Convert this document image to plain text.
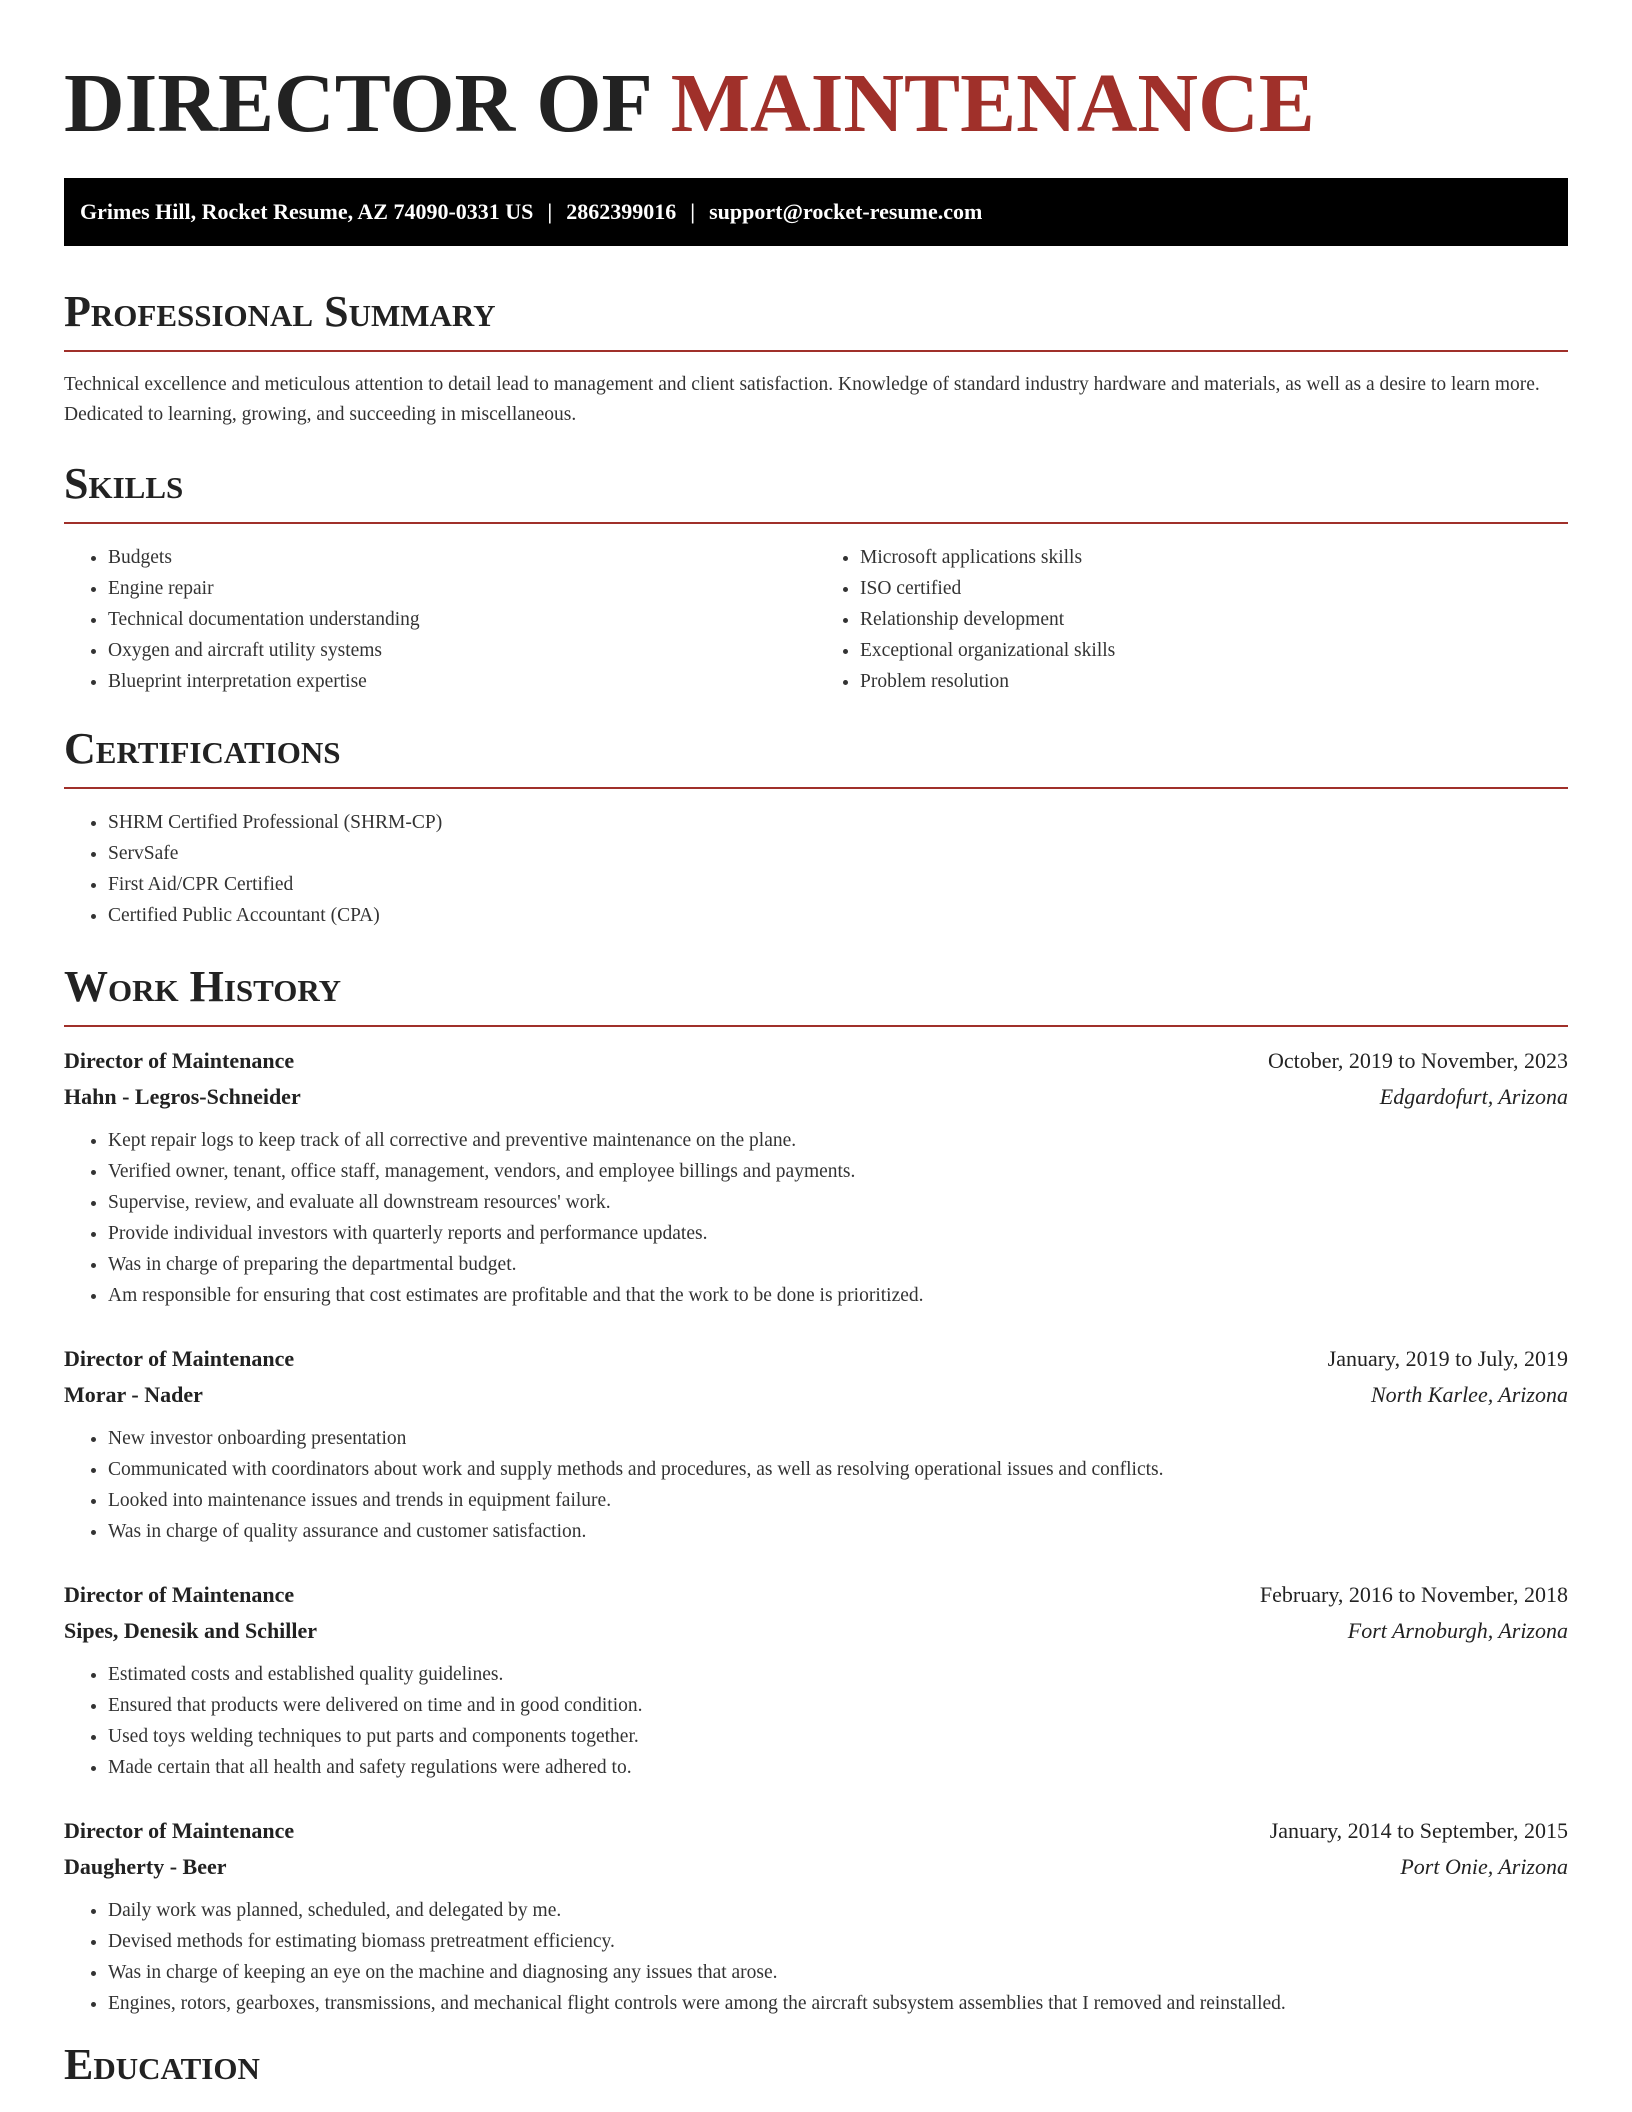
DIRECTOR OF MAINTENANCE
Grimes Hill, Rocket Resume, AZ 74090-0331 US | 2862399016 | support@rocket-resume.com
Professional Summary

Technical excellence and meticulous attention to detail lead to management and client satisfaction. Knowledge of standard industry hardware and materials, as well as a desire to learn more. Dedicated to learning, growing, and succeeding in miscellaneous.

Skills
• Budgets
• Engine repair
• Technical documentation understanding
• Oxygen and aircraft utility systems
• Blueprint interpretation expertise
• Microsoft applications skills
• ISO certified
• Relationship development
• Exceptional organizational skills
• Problem resolution
Certifications
• SHRM Certified Professional (SHRM-CP)
• ServSafe
• First Aid/CPR Certified
• Certified Public Accountant (CPA)
Work History
Director of Maintenance	October, 2019 to November, 2023
Hahn - Legros-Schneider	Edgardofurt, Arizona
• Kept repair logs to keep track of all corrective and preventive maintenance on the plane.
• Verified owner, tenant, office staff, management, vendors, and employee billings and payments.
• Supervise, review, and evaluate all downstream resources' work.
• Provide individual investors with quarterly reports and performance updates.
• Was in charge of preparing the departmental budget.
• Am responsible for ensuring that cost estimates are profitable and that the work to be done is prioritized.
Director of Maintenance	January, 2019 to July, 2019
Morar - Nader	North Karlee, Arizona
• New investor onboarding presentation
• Communicated with coordinators about work and supply methods and procedures, as well as resolving operational issues and conflicts.
• Looked into maintenance issues and trends in equipment failure.
• Was in charge of quality assurance and customer satisfaction.
Director of Maintenance	February, 2016 to November, 2018
Sipes, Denesik and Schiller	Fort Arnoburgh, Arizona
• Estimated costs and established quality guidelines.
• Ensured that products were delivered on time and in good condition.
• Used toys welding techniques to put parts and components together.
• Made certain that all health and safety regulations were adhered to.
Director of Maintenance	January, 2014 to September, 2015
Daugherty - Beer	Port Onie, Arizona
• Daily work was planned, scheduled, and delegated by me.
• Devised methods for estimating biomass pretreatment efficiency.
• Was in charge of keeping an eye on the machine and diagnosing any issues that arose.
• Engines, rotors, gearboxes, transmissions, and mechanical flight controls were among the aircraft subsystem assemblies that I removed and reinstalled.
Education
